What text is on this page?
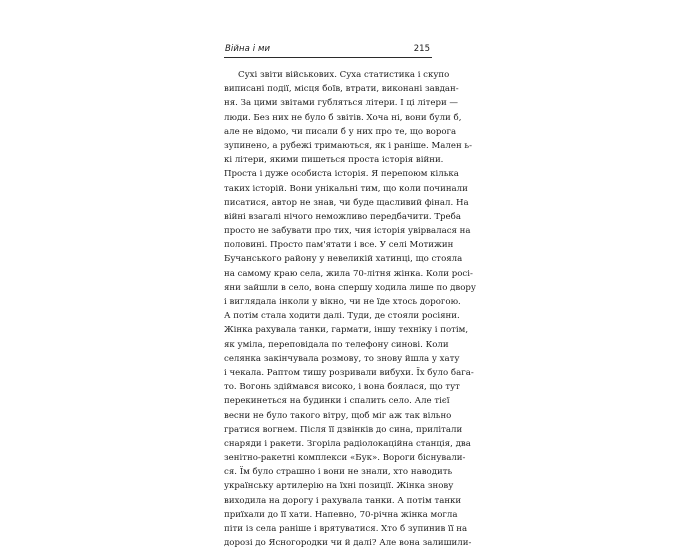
Війна і ми	215
Сухі звіти військових. Суха статистика і скупо
виписані події, місця боїв, втрати, виконані завдан-
ня. За цими звітами губляться літери. І ці літери —
люди. Без них не було б звітів. Хоча ні, вони були б,
але не відомо, чи писали б у них про те, що ворога
зупинено, а рубежі тримаються, як і раніше. Мален ь-
кі літери, якими пишеться проста історія війни.
Проста і дуже особиста історія. Я перепоюм кілька
таких історій. Вони унікальні тим, що коли починали
писатися, автор не знав, чи буде щасливий фінал. На
війні взагалі нічого неможливо передбачити. Треба
просто не забувати про тих, чия історія увірвалася на
половині. Просто пам'ятати і все. У селі Мотижин
Бучанського району у невеликій хатинці, що стояла
на самому краю села, жила 70-літня жінка. Коли росі-
яни зайшли в село, вона спершу ходила лише по двору
і виглядала інколи у вікно, чи не їде хтось дорогою.
А потім стала ходити далі. Туди, де стояли росіяни.
Жінка рахувала танки, гармати, іншу техніку і потім,
як уміла, переповідала по телефону синові. Коли
селянка закінчувала розмову, то знову йшла у хату
і чекала. Раптом тишу розривали вибухи. Їх було бага-
то. Вогонь здіймався високо, і вона боялася, що тут
перекинеться на будинки і спалить село. Але тієї
весни не було такого вітру, щоб міг аж так вільно
гратися вогнем. Після її дзвінків до сина, прилітали
снаряди і ракети. Згоріла радіолокаційна станція, два
зенітно-ракетні комплекси «Бук». Вороги біснували-
ся. Їм було страшно і вони не знали, хто наводить
українську артилерію на їхні позиції. Жінка знову
виходила на дорогу і рахувала танки. А потім танки
приїхали до її хати. Напевно, 70-річна жінка могла
піти із села раніше і врятуватися. Хто б зупинив її на
дорозі до Ясногородки чи й далі? Але вона залишили-
